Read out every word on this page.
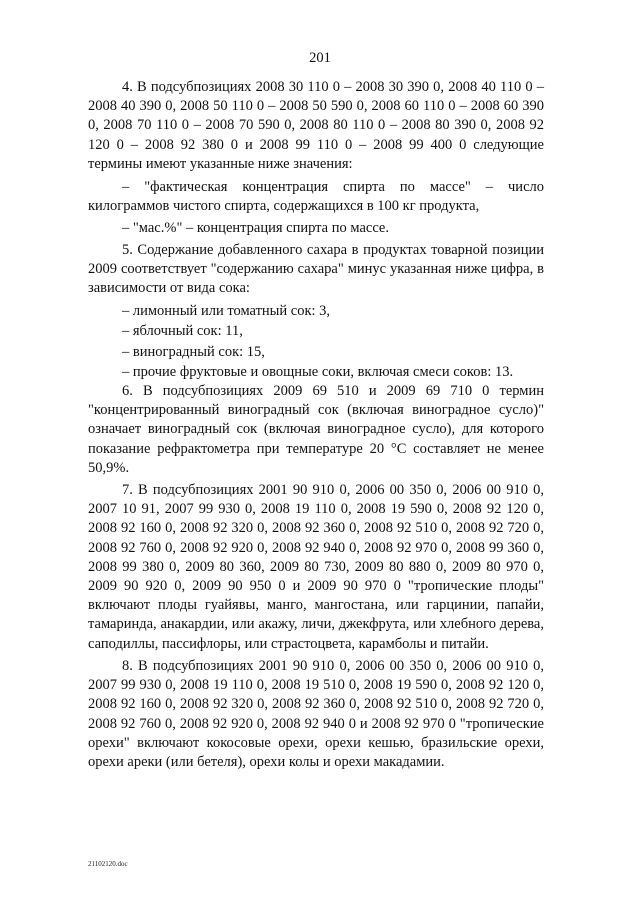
201

4. В подсубпозициях 2008 30 110 0 – 2008 30 390 0, 2008 40 110 0 – 2008 40 390 0, 2008 50 110 0 – 2008 50 590 0, 2008 60 110 0 – 2008 60 390 0, 2008 70 110 0 – 2008 70 590 0, 2008 80 110 0 – 2008 80 390 0, 2008 92 120 0 – 2008 92 380 0 и 2008 99 110 0 – 2008 99 400 0 следующие термины имеют указанные ниже значения:

– "фактическая концентрация спирта по массе" – число килограммов чистого спирта, содержащихся в 100 кг продукта,

– "мас.%" – концентрация спирта по массе.

5. Содержание добавленного сахара в продуктах товарной позиции 2009 соответствует "содержанию сахара" минус указанная ниже цифра, в зависимости от вида сока:

– лимонный или томатный сок: 3,

– яблочный сок: 11,

– виноградный сок: 15,

– прочие фруктовые и овощные соки, включая смеси соков: 13.

6. В подсубпозициях 2009 69 510 и 2009 69 710 0 термин "концентрированный виноградный сок (включая виноградное сусло)" означает виноградный сок (включая виноградное сусло), для которого показание рефрактометра при температуре 20 °С составляет не менее 50,9%.

7. В подсубпозициях 2001 90 910 0, 2006 00 350 0, 2006 00 910 0, 2007 10 91, 2007 99 930 0, 2008 19 110 0, 2008 19 590 0, 2008 92 120 0, 2008 92 160 0, 2008 92 320 0, 2008 92 360 0, 2008 92 510 0, 2008 92 720 0, 2008 92 760 0, 2008 92 920 0, 2008 92 940 0, 2008 92 970 0, 2008 99 360 0, 2008 99 380 0, 2009 80 360, 2009 80 730, 2009 80 880 0, 2009 80 970 0, 2009 90 920 0, 2009 90 950 0 и 2009 90 970 0 "тропические плоды" включают плоды гуайявы, манго, мангостана, или гарцинии, папайи, тамаринда, анакардии, или акажу, личи, джекфрута, или хлебного дерева, саподиллы, пассифлоры, или страстоцвета, карамболы и питайи.

8. В подсубпозициях 2001 90 910 0, 2006 00 350 0, 2006 00 910 0, 2007 99 930 0, 2008 19 110 0, 2008 19 510 0, 2008 19 590 0, 2008 92 120 0, 2008 92 160 0, 2008 92 320 0, 2008 92 360 0, 2008 92 510 0, 2008 92 720 0, 2008 92 760 0, 2008 92 920 0, 2008 92 940 0 и 2008 92 970 0 "тропические орехи" включают кокосовые орехи, орехи кешью, бразильские орехи, орехи ареки (или бетеля), орехи колы и орехи макадамии.

21102120.doc
